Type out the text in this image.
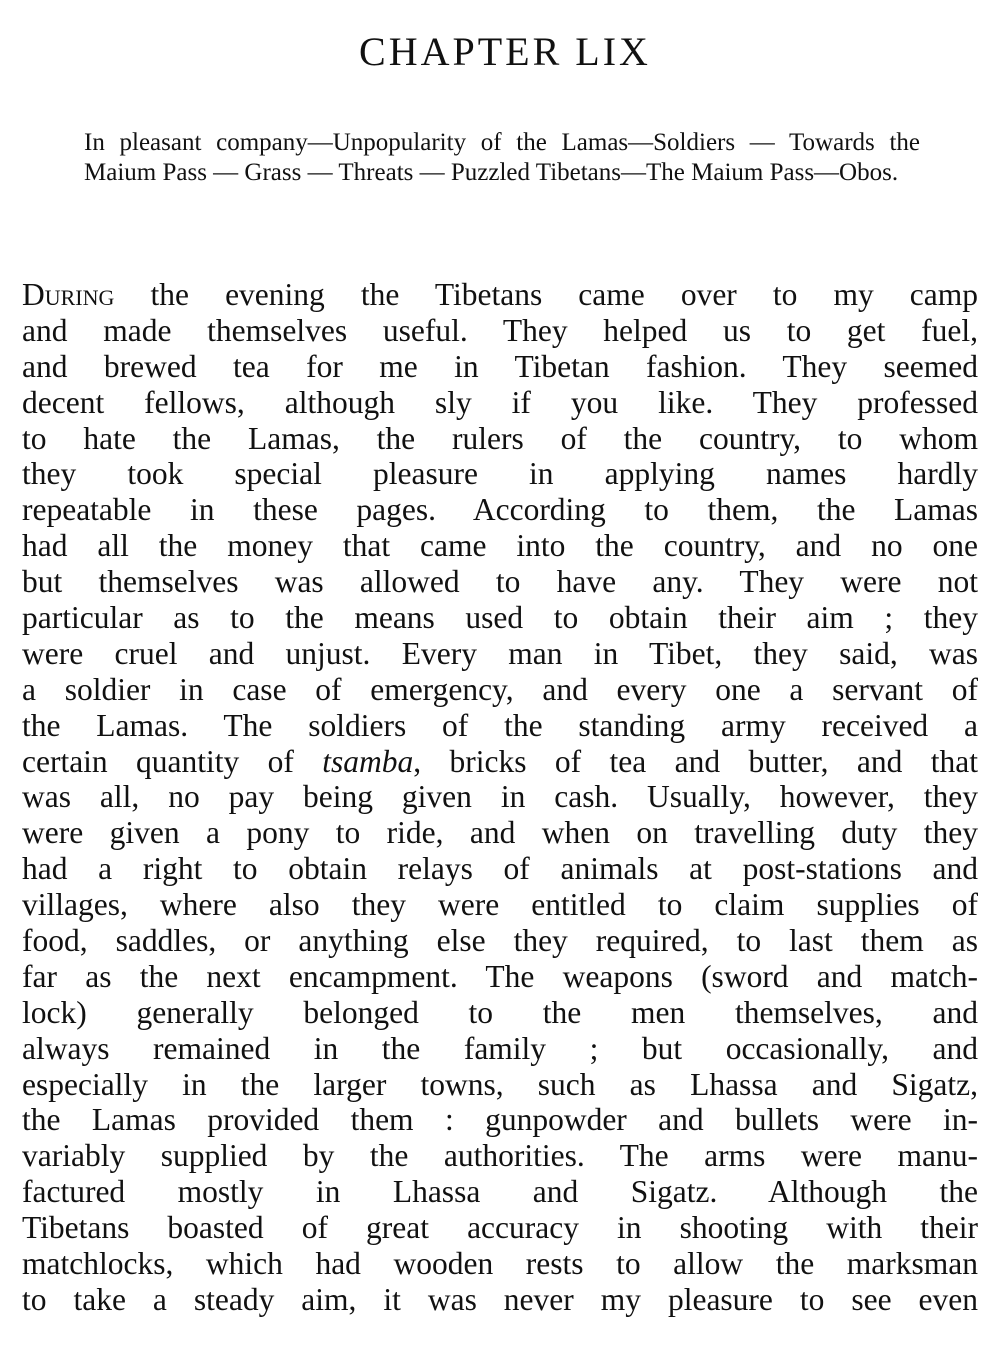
CHAPTER LIX

In pleasant company—Unpopularity of the Lamas—Soldiers — Towards the Maium Pass — Grass — Threats — Puzzled Tibetans—The Maium Pass—Obos.

During the evening the Tibetans came over to my camp
and made themselves useful. They helped us to get fuel,
and brewed tea for me in Tibetan fashion. They seemed
decent fellows, although sly if you like. They professed
to hate the Lamas, the rulers of the country, to whom
they took special pleasure in applying names hardly
repeatable in these pages. According to them, the Lamas
had all the money that came into the country, and no one
but themselves was allowed to have any. They were not
particular as to the means used to obtain their aim ; they
were cruel and unjust. Every man in Tibet, they said, was
a soldier in case of emergency, and every one a servant of
the Lamas. The soldiers of the standing army received a
certain quantity of tsamba, bricks of tea and butter, and that
was all, no pay being given in cash. Usually, however, they
were given a pony to ride, and when on travelling duty they
had a right to obtain relays of animals at post-stations and
villages, where also they were entitled to claim supplies of
food, saddles, or anything else they required, to last them as
far as the next encampment. The weapons (sword and match-
lock) generally belonged to the men themselves, and
always remained in the family ; but occasionally, and
especially in the larger towns, such as Lhassa and Sigatz,
the Lamas provided them : gunpowder and bullets were in-
variably supplied by the authorities. The arms were manu-
factured mostly in Lhassa and Sigatz. Although the
Tibetans boasted of great accuracy in shooting with their
matchlocks, which had wooden rests to allow the marksman
to take a steady aim, it was never my pleasure to see even
